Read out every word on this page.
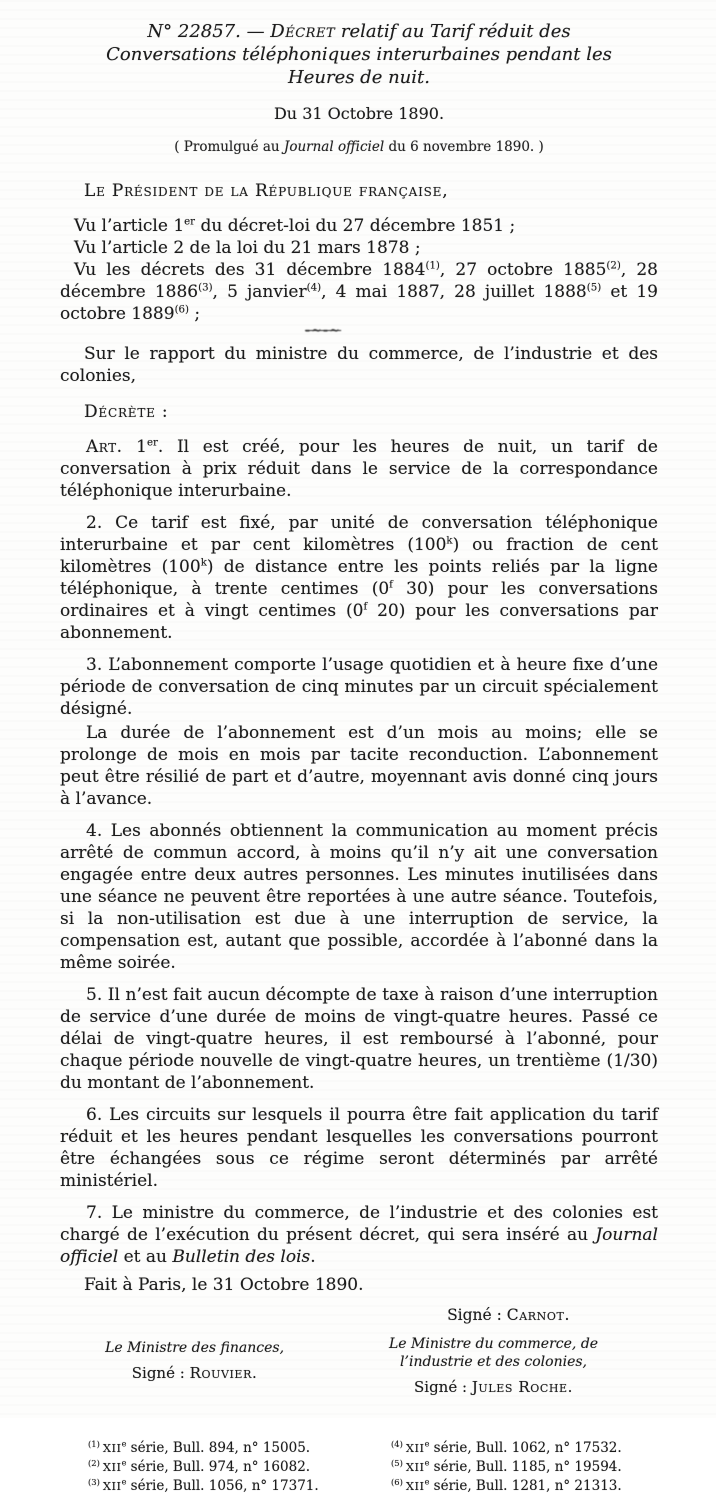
N° 22857. — Décret relatif au Tarif réduit des Conversations téléphoniques interurbaines pendant les Heures de nuit.

Du 31 Octobre 1890.

( Promulgué au Journal officiel du 6 novembre 1890. )

Le Président de la République française,

Vu l’article 1er du décret-loi du 27 décembre 1851 ;

Vu l’article 2 de la loi du 21 mars 1878 ;

Vu les décrets des 31 décembre 1884$^{(1)}$, 27 octobre 1885$^{(2)}$, 28 décembre 1886$^{(3)}$, 5 janvier$^{(4)}$, 4 mai 1887, 28 juillet 1888$^{(5)}$ et 19 octobre 1889$^{(6)}$ ;

-~-~

Sur le rapport du ministre du commerce, de l’industrie et des colonies,

Décrète :

Art. 1er. Il est créé, pour les heures de nuit, un tarif de conversation à prix réduit dans le service de la correspondance téléphonique interurbaine.

2. Ce tarif est fixé, par unité de conversation téléphonique interurbaine et par cent kilomètres (100$^k$) ou fraction de cent kilomètres (100$^k$) de distance entre les points reliés par la ligne téléphonique, à trente centimes (0$^f$ 30) pour les conversations ordinaires et à vingt centimes (0$^f$ 20) pour les conversations par abonnement.

3. L’abonnement comporte l’usage quotidien et à heure fixe d’une période de conversation de cinq minutes par un circuit spécialement désigné.

La durée de l’abonnement est d’un mois au moins; elle se prolonge de mois en mois par tacite reconduction. L’abonnement peut être résilié de part et d’autre, moyennant avis donné cinq jours à l’avance.

4. Les abonnés obtiennent la communication au moment précis arrêté de commun accord, à moins qu’il n’y ait une conversation engagée entre deux autres personnes. Les minutes inutilisées dans une séance ne peuvent être reportées à une autre séance. Toutefois, si la non-utilisation est due à une interruption de service, la compensation est, autant que possible, accordée à l’abonné dans la même soirée.

5. Il n’est fait aucun décompte de taxe à raison d’une interruption de service d’une durée de moins de vingt-quatre heures. Passé ce délai de vingt-quatre heures, il est remboursé à l’abonné, pour chaque période nouvelle de vingt-quatre heures, un trentième (1/30) du montant de l’abonnement.

6. Les circuits sur lesquels il pourra être fait application du tarif réduit et les heures pendant lesquelles les conversations pourront être échangées sous ce régime seront déterminés par arrêté ministériel.

7. Le ministre du commerce, de l’industrie et des colonies est chargé de l’exécution du présent décret, qui sera inséré au Journal officiel et au Bulletin des lois.

Fait à Paris, le 31 Octobre 1890.

Signé : Carnot.

Le Ministre des finances,

Signé : Rouvier.

Le Ministre du commerce, de l’industrie et des colonies,

Signé : Jules Roche.

$^{(1)}$ XIIe série, Bull. 894, n° 15005.
$^{(2)}$ XIIe série, Bull. 974, n° 16082.
$^{(3)}$ XIIe série, Bull. 1056, n° 17371.
$^{(4)}$ XIIe série, Bull. 1062, n° 17532.
$^{(5)}$ XIIe série, Bull. 1185, n° 19594.
$^{(6)}$ XIIe série, Bull. 1281, n° 21313.
